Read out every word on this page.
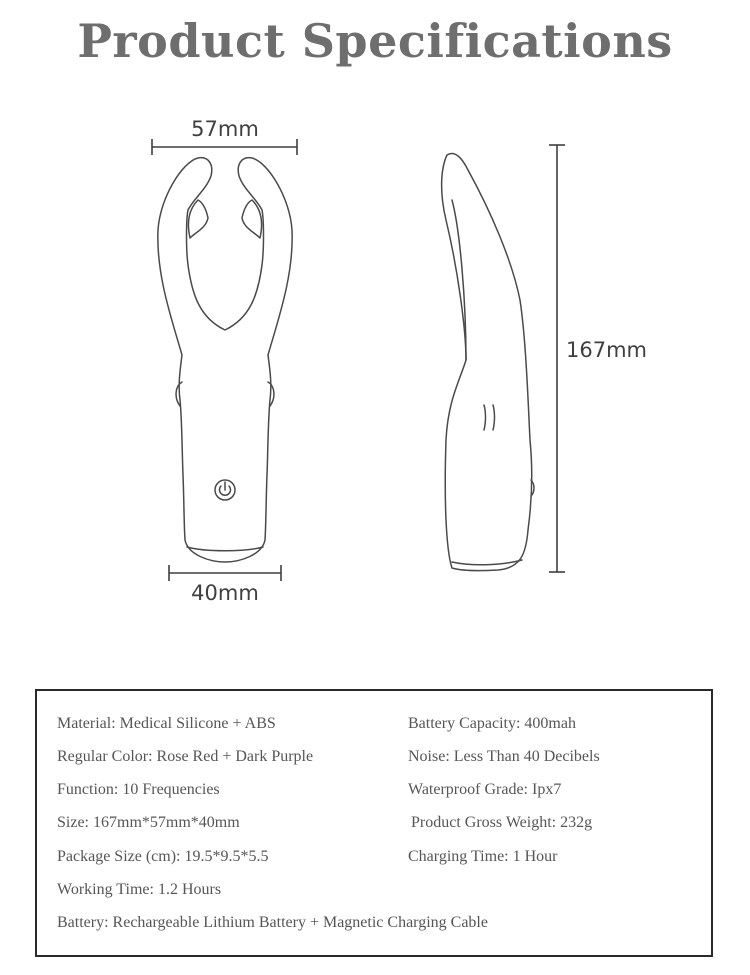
Product Specifications
57mm
40mm
167mm
Material: Medical Silicone + ABS
Regular Color: Rose Red + Dark Purple
Function: 10 Frequencies
Size: 167mm*57mm*40mm
Package Size (cm): 19.5*9.5*5.5
Working Time: 1.2 Hours
Battery: Rechargeable Lithium Battery + Magnetic Charging Cable
Battery Capacity: 400mah
Noise: Less Than 40 Decibels
Waterproof Grade: Ipx7
Product Gross Weight: 232g
Charging Time: 1 Hour
